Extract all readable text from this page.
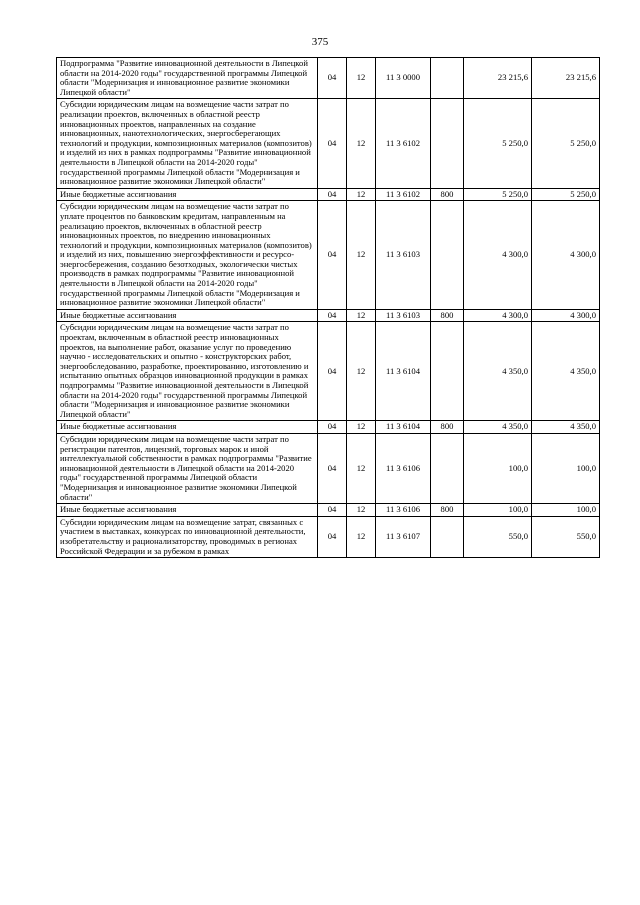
375
Подпрограмма "Развитие инновационной деятельности в Липецкой области на 2014-2020 годы" государственной программы Липецкой области "Модернизация и инновационное развитие экономики Липецкой области"	04	12	11 3 0000		23 215,6	23 215,6
Субсидии юридическим лицам на возмещение части затрат по реализации проектов, включенных в областной реестр инновационных проектов, направленных на создание инновационных, нанотехнологических, энергосберегающих технологий и продукции, композиционных материалов (композитов) и изделий из них в рамках подпрограммы "Развитие инновационной деятельности в Липецкой области на 2014-2020 годы" государственной программы Липецкой области "Модернизация и инновационное развитие экономики Липецкой области"	04	12	11 3 6102		5 250,0	5 250,0
Иные бюджетные ассигнования	04	12	11 3 6102	800	5 250,0	5 250,0
Субсидии юридическим лицам на возмещение части затрат по уплате процентов по банковским кредитам, направленным на реализацию проектов, включенных в областной реестр инновационных проектов, по внедрению инновационных технологий и продукции, композиционных материалов (композитов) и изделий из них, повышению энергоэффективности и ресурсо-энергосбережения, созданию безотходных, экологически чистых производств в рамках подпрограммы "Развитие инновационной деятельности в Липецкой области на 2014-2020 годы" государственной программы Липецкой области "Модернизация и инновационное развитие экономики Липецкой области"	04	12	11 3 6103		4 300,0	4 300,0
Иные бюджетные ассигнования	04	12	11 3 6103	800	4 300,0	4 300,0
Субсидии юридическим лицам на возмещение части затрат по проектам, включенным в областной реестр инновационных проектов, на выполнение работ, оказание услуг по проведению научно - исследовательских и опытно - конструкторских работ, энергообследованию, разработке, проектированию, изготовлению и испытанию опытных образцов инновационной продукции в рамках подпрограммы "Развитие инновационной деятельности в Липецкой области на 2014-2020 годы" государственной программы Липецкой области "Модернизация и инновационное развитие экономики Липецкой области"	04	12	11 3 6104		4 350,0	4 350,0
Иные бюджетные ассигнования	04	12	11 3 6104	800	4 350,0	4 350,0
Субсидии юридическим лицам на возмещение части затрат по регистрации патентов, лицензий, торговых марок и иной интеллектуальной собственности в рамках подпрограммы "Развитие инновационной деятельности в Липецкой области на 2014-2020 годы" государственной программы Липецкой области "Модернизация и инновационное развитие экономики Липецкой области"	04	12	11 3 6106		100,0	100,0
Иные бюджетные ассигнования	04	12	11 3 6106	800	100,0	100,0
Субсидии юридическим лицам на возмещение затрат, связанных с участием в выставках, конкурсах по инновационной деятельности, изобретательству и рационализаторству, проводимых в регионах Российской Федерации и за рубежом в рамках	04	12	11 3 6107		550,0	550,0
